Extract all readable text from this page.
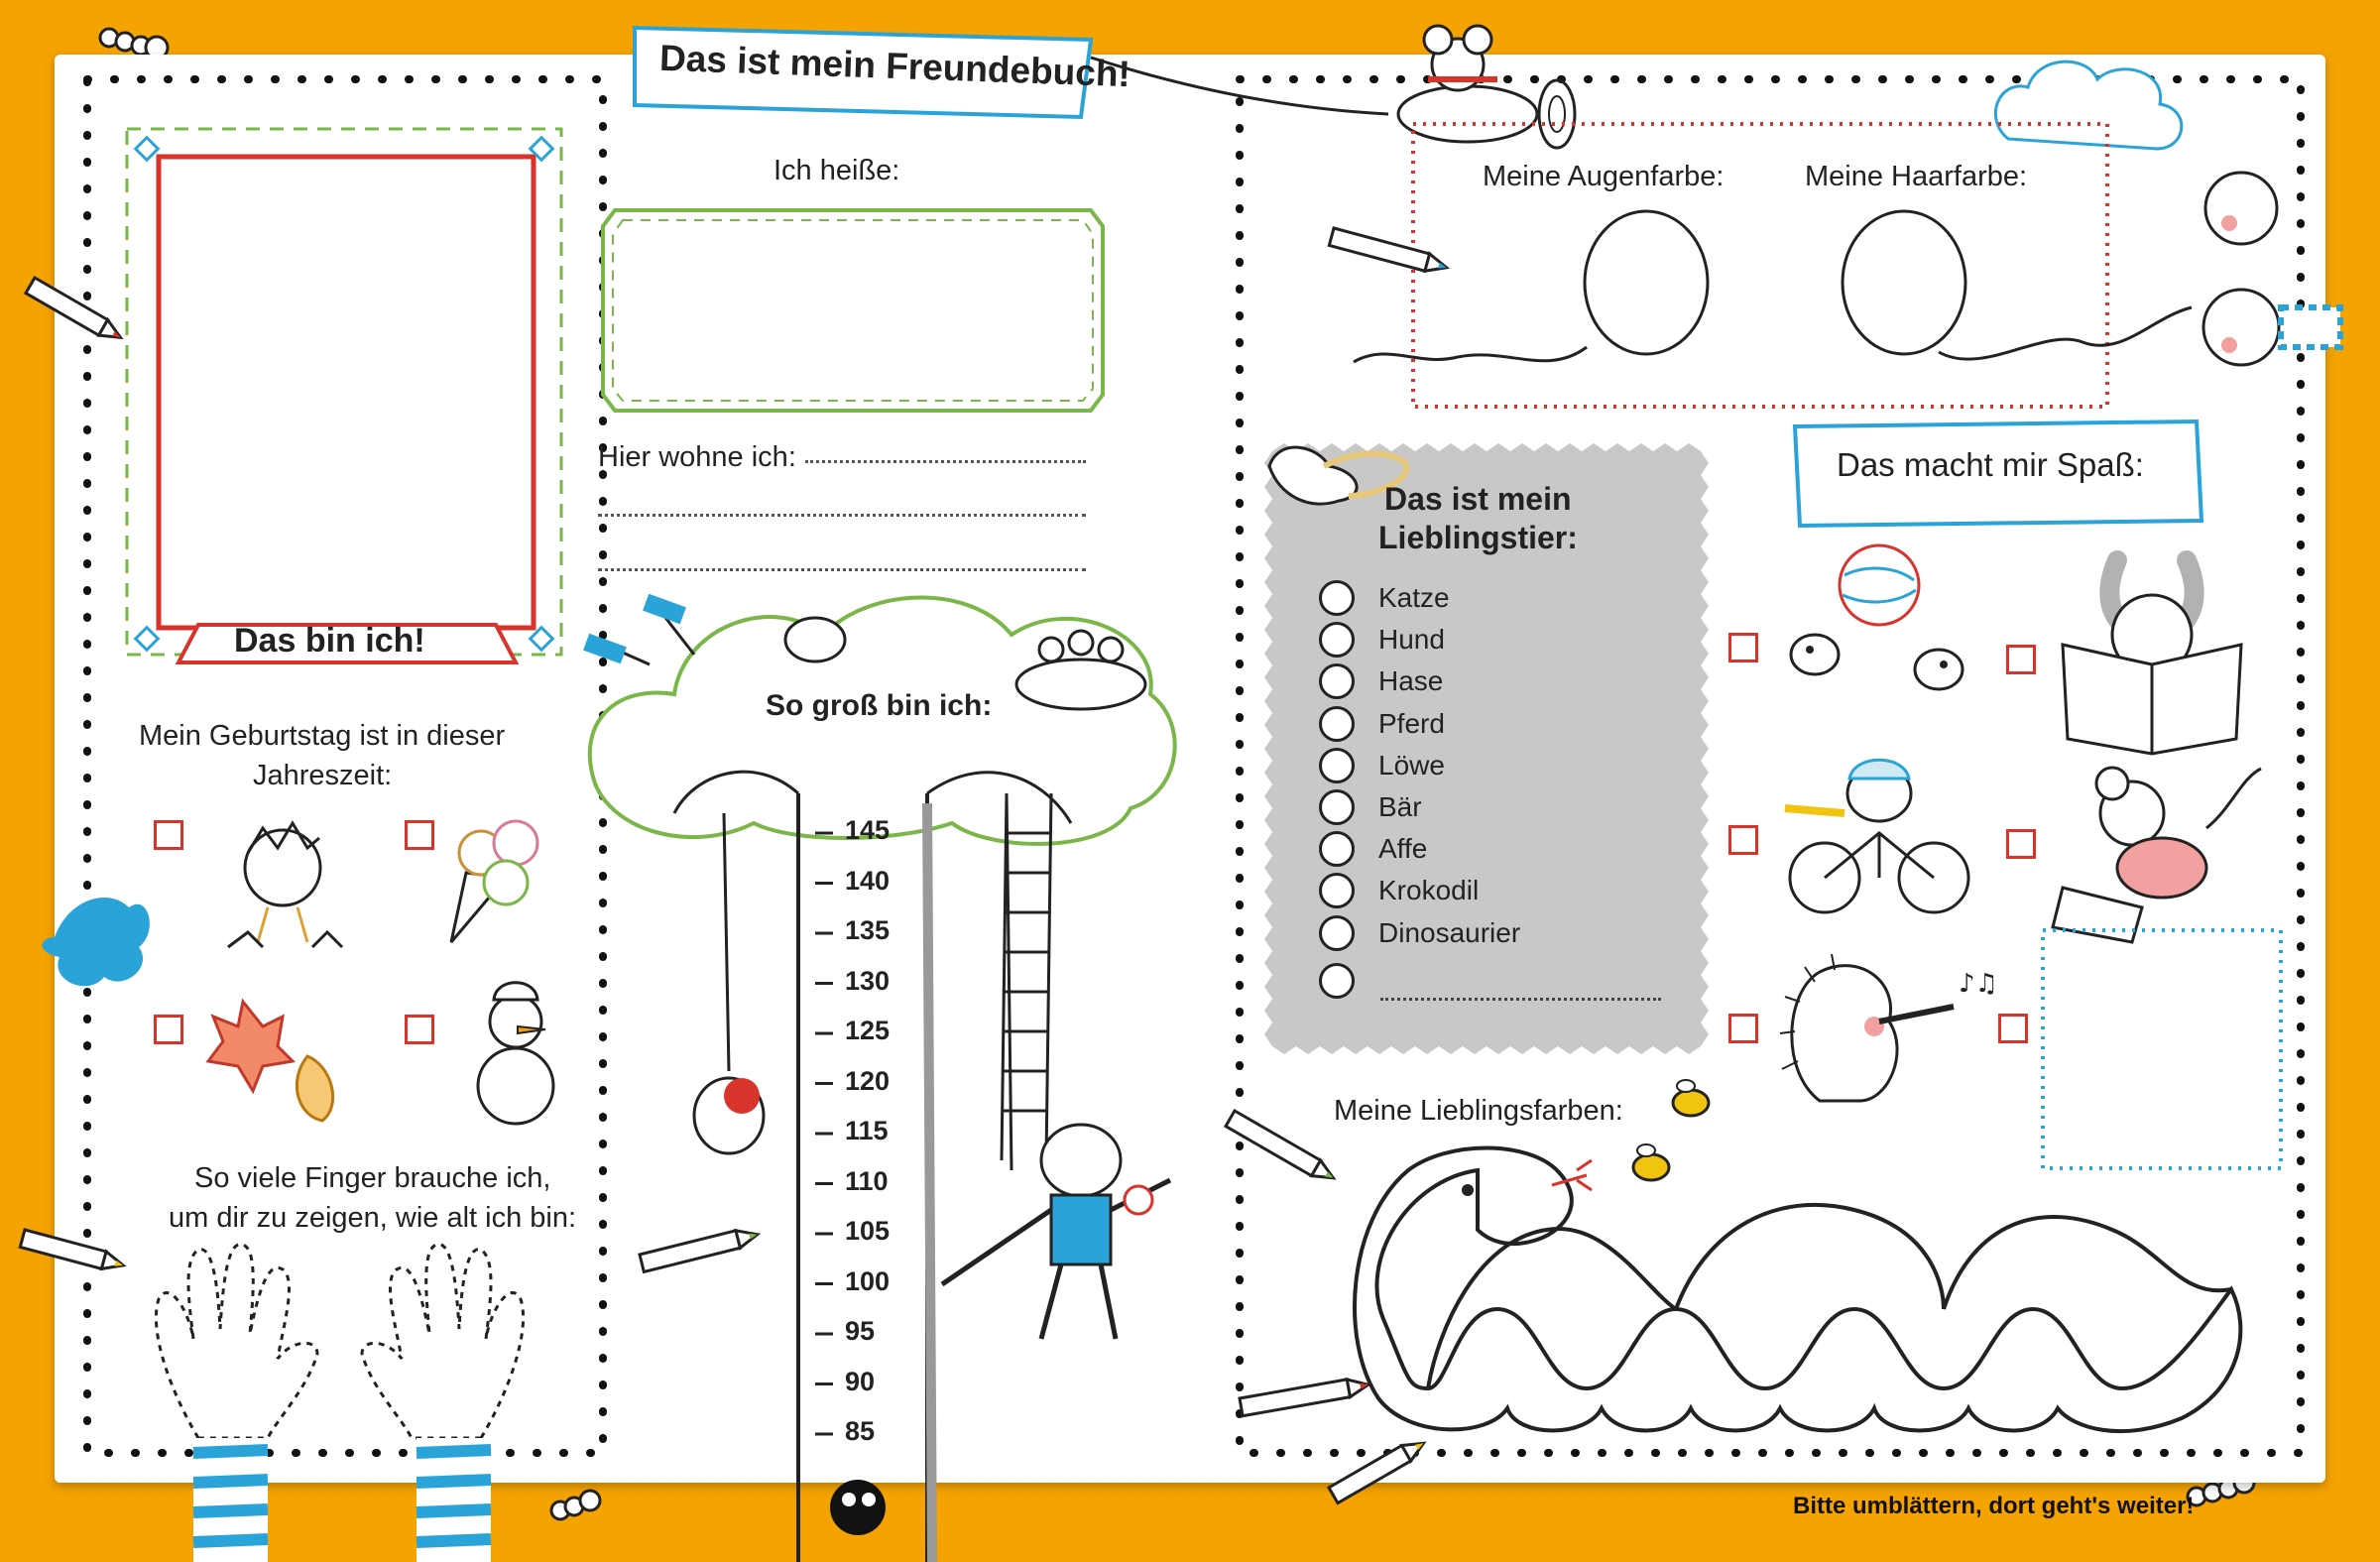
♪♫
Das ist mein Freundebuch!
Das bin ich!
Ich heiße:
Hier wohne ich:
Mein Geburtstag ist in dieser
Jahreszeit:
So viele Finger brauche ich,
um dir zu zeigen, wie alt ich bin:
So groß bin ich:
145
140
135
130
125
120
115
110
105
100
95
90
85
Meine Augenfarbe:	Meine Haarfarbe:
Das ist mein
Lieblingstier:
Katze
Hund
Hase
Pferd
Löwe
Bär
Affe
Krokodil
Dinosaurier
Das macht mir Spaß:
Meine Lieblingsfarben:
Bitte umblättern, dort geht's weiter!
